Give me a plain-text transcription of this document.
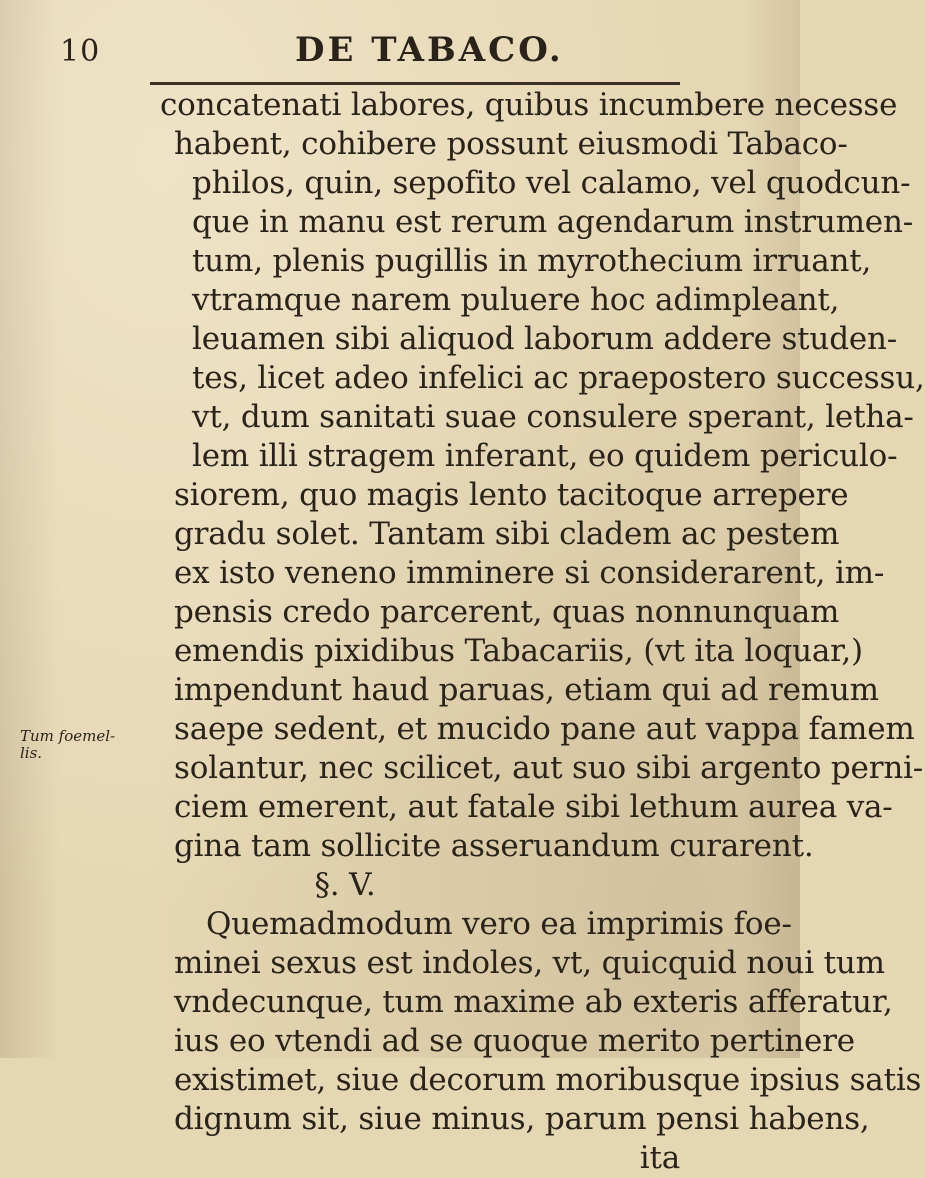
10	DE TABACO.
Tum foemel-
lis.
concatenati labores, quibus incumbere necesse
habent, cohibere possunt eiusmodi Tabaco-
philos, quin, sepofito vel calamo, vel quodcun-
que in manu est rerum agendarum instrumen-
tum, plenis pugillis in myrothecium irruant,
vtramque narem puluere hoc adimpleant,
leuamen sibi aliquod laborum addere studen-
tes, licet adeo infelici ac praepostero successu,
vt, dum sanitati suae consulere sperant, letha-
lem illi stragem inferant, eo quidem periculo-
siorem, quo magis lento tacitoque arrepere
gradu solet. Tantam sibi cladem ac pestem
ex isto veneno imminere si considerarent, im-
pensis credo parcerent, quas nonnunquam
emendis pixidibus Tabacariis, (vt ita loquar,)
impendunt haud paruas, etiam qui ad remum
saepe sedent, et mucido pane aut vappa famem
solantur, nec scilicet, aut suo sibi argento perni-
ciem emerent, aut fatale sibi lethum aurea va-
gina tam sollicite asseruandum curarent.
§. V.
Quemadmodum vero ea imprimis foe-
minei sexus est indoles, vt, quicquid noui tum
vndecunque, tum maxime ab exteris afferatur,
ius eo vtendi ad se quoque merito pertinere
existimet, siue decorum moribusque ipsius satis
dignum sit, siue minus, parum pensi habens,
ita
